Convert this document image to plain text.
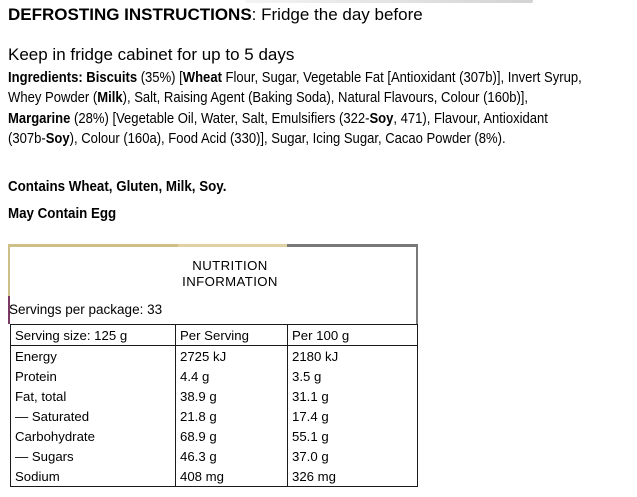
DEFROSTING INSTRUCTIONS: Fridge the day before
Keep in fridge cabinet for up to 5 days
Ingredients: Biscuits (35%) [Wheat Flour, Sugar, Vegetable Fat [Antioxidant (307b)], Invert Syrup,
Whey Powder (Milk), Salt, Raising Agent (Baking Soda), Natural Flavours, Colour (160b)],
Margarine (28%) [Vegetable Oil, Water, Salt, Emulsifiers (322-Soy, 471), Flavour, Antioxidant
(307b-Soy), Colour (160a), Food Acid (330)], Sugar, Icing Sugar, Cacao Powder (8%).
Contains Wheat, Gluten, Milk, Soy.
May Contain Egg
NUTRITION
INFORMATION
Servings per package: 33
Serving size: 125 g	Per Serving	Per 100 g
Energy	2725 kJ	2180 kJ
Protein	4.4 g	3.5 g
Fat, total	38.9 g	31.1 g
— Saturated	21.8 g	17.4 g
Carbohydrate	68.9 g	55.1 g
— Sugars	46.3 g	37.0 g
Sodium	408 mg	326 mg
